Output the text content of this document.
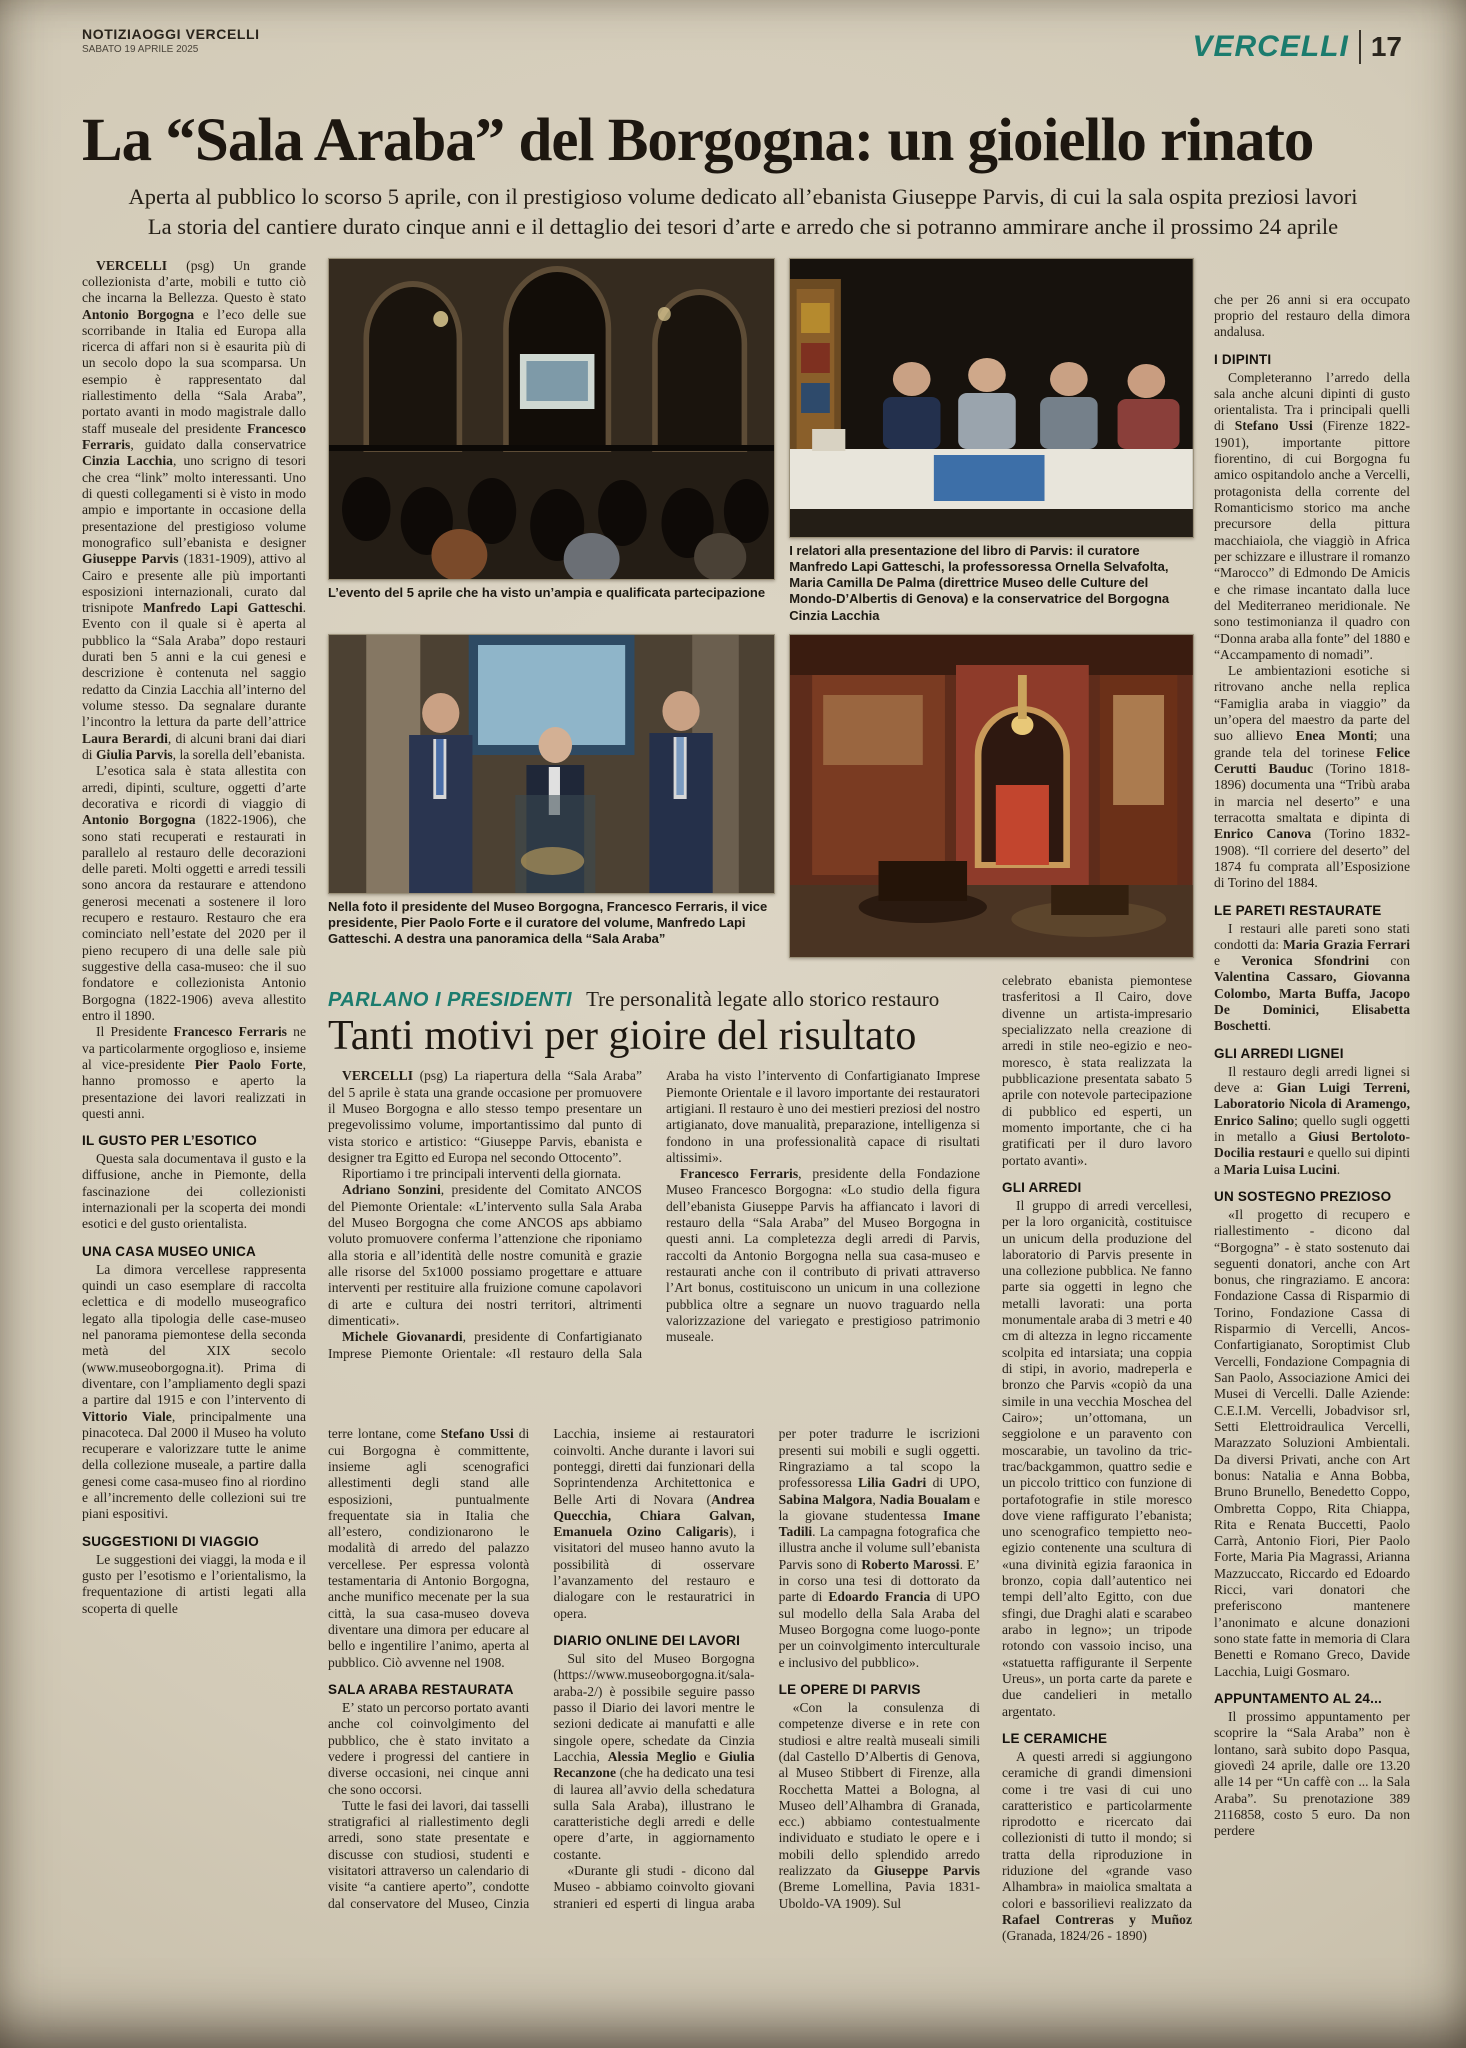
NOTIZIAOGGI VERCELLI
SABATO 19 APRILE 2025	VERCELLI 17
La “Sala Araba” del Borgogna: un gioiello rinato
Aperta al pubblico lo scorso 5 aprile, con il prestigioso volume dedicato all’ebanista Giuseppe Parvis, di cui la sala ospita preziosi lavori
La storia del cantiere durato cinque anni e il dettaglio dei tesori d’arte e arredo che si potranno ammirare anche il prossimo 24 aprile

VERCELLI (psg) Un grande collezionista d’arte, mobili e tutto ciò che incarna la Bellezza. Questo è stato Antonio Borgogna e l’eco delle sue scorribande in Italia ed Europa alla ricerca di affari non si è esaurita più di un secolo dopo la sua scomparsa. Un esempio è rappresentato dal riallestimento della “Sala Araba”, portato avanti in modo magistrale dallo staff museale del presidente Francesco Ferraris, guidato dalla conservatrice Cinzia Lacchia, uno scrigno di tesori che crea “link” molto interessanti. Uno di questi collegamenti si è visto in modo ampio e importante in occasione della presentazione del prestigioso volume monografico sull’ebanista e designer Giuseppe Parvis (1831-1909), attivo al Cairo e presente alle più importanti esposizioni internazionali, curato dal trisnipote Manfredo Lapi Gatteschi. Evento con il quale si è aperta al pubblico la “Sala Araba” dopo restauri durati ben 5 anni e la cui genesi e descrizione è contenuta nel saggio redatto da Cinzia Lacchia all’interno del volume stesso. Da segnalare durante l’incontro la lettura da parte dell’attrice Laura Berardi, di alcuni brani dai diari di Giulia Parvis, la sorella dell’ebanista.

L’esotica sala è stata allestita con arredi, dipinti, sculture, oggetti d’arte decorativa e ricordi di viaggio di Antonio Borgogna (1822-1906), che sono stati recuperati e restaurati in parallelo al restauro delle decorazioni delle pareti. Molti oggetti e arredi tessili sono ancora da restaurare e attendono generosi mecenati a sostenere il loro recupero e restauro. Restauro che era cominciato nell’estate del 2020 per il pieno recupero di una delle sale più suggestive della casa-museo: che il suo fondatore e collezionista Antonio Borgogna (1822-1906) aveva allestito entro il 1890.

Il Presidente Francesco Ferraris ne va particolarmente orgoglioso e, insieme al vice-presidente Pier Paolo Forte, hanno promosso e aperto la presentazione dei lavori realizzati in questi anni.

IL GUSTO PER L’ESOTICO

Questa sala documentava il gusto e la diffusione, anche in Piemonte, della fascinazione dei collezionisti internazionali per la scoperta dei mondi esotici e del gusto orientalista.

UNA CASA MUSEO UNICA

La dimora vercellese rappresenta quindi un caso esemplare di raccolta eclettica e di modello museografico legato alla tipologia delle case-museo nel panorama piemontese della seconda metà del XIX secolo (www.museoborgogna.it). Prima di diventare, con l’ampliamento degli spazi a partire dal 1915 e con l’intervento di Vittorio Viale, principalmente una pinacoteca. Dal 2000 il Museo ha voluto recuperare e valorizzare tutte le anime della collezione museale, a partire dalla genesi come casa-museo fino al riordino e all’incremento delle collezioni sui tre piani espositivi.

SUGGESTIONI DI VIAGGIO

Le suggestioni dei viaggi, la moda e il gusto per l’esotismo e l’orientalismo, la frequentazione di artisti legati alla scoperta di quelle

L’evento del 5 aprile che ha visto un’ampia e qualificata partecipazione
I relatori alla presentazione del libro di Parvis: il curatore Manfredo Lapi Gatteschi, la professoressa Ornella Selvafolta, Maria Camilla De Palma (direttrice Museo delle Culture del Mondo-D’Albertis di Genova) e la conservatrice del Borgogna Cinzia Lacchia
Nella foto il presidente del Museo Borgogna, Francesco Ferraris, il vice presidente, Pier Paolo Forte e il curatore del volume, Manfredo Lapi Gatteschi. A destra una panoramica della “Sala Araba”
PARLANO I PRESIDENTI Tre personalità legate allo storico restauro
Tanti motivi per gioire del risultato

VERCELLI (psg) La riapertura della “Sala Araba” del 5 aprile è stata una grande occasione per promuovere il Museo Borgogna e allo stesso tempo presentare un pregevolissimo volume, importantissimo dal punto di vista storico e artistico: “Giuseppe Parvis, ebanista e designer tra Egitto ed Europa nel secondo Ottocento”.

Riportiamo i tre principali interventi della giornata.

Adriano Sonzini, presidente del Comitato ANCOS del Piemonte Orientale: «L’intervento sulla Sala Araba del Museo Borgogna che come ANCOS aps abbiamo voluto promuovere conferma l’attenzione che riponiamo alla storia e all’identità delle nostre comunità e grazie alle risorse del 5x1000 possiamo progettare e attuare interventi per restituire alla fruizione comune capolavori di arte e cultura dei nostri territori, altrimenti dimenticati».

Michele Giovanardi, presidente di Confartigianato Imprese Piemonte Orientale: «Il restauro della Sala Araba ha visto l’intervento di Confartigianato Imprese Piemonte Orientale e il lavoro importante dei restauratori artigiani. Il restauro è uno dei mestieri preziosi del nostro artigianato, dove manualità, preparazione, intelligenza si fondono in una professionalità capace di risultati altissimi».

Francesco Ferraris, presidente della Fondazione Museo Francesco Borgogna: «Lo studio della figura dell’ebanista Giuseppe Parvis ha affiancato i lavori di restauro della “Sala Araba” del Museo Borgogna in questi anni. La completezza degli arredi di Parvis, raccolti da Antonio Borgogna nella sua casa-museo e restaurati anche con il contributo di privati attraverso l’Art bonus, costituiscono un unicum in una collezione pubblica oltre a segnare un nuovo traguardo nella valorizzazione del variegato e prestigioso patrimonio museale.

terre lontane, come Stefano Ussi di cui Borgogna è committente, insieme agli scenografici allestimenti degli stand alle esposizioni, puntualmente frequentate sia in Italia che all’estero, condizionarono le modalità di arredo del palazzo vercellese. Per espressa volontà testamentaria di Antonio Borgogna, anche munifico mecenate per la sua città, la sua casa-museo doveva diventare una dimora per educare al bello e ingentilire l’animo, aperta al pubblico. Ciò avvenne nel 1908.

SALA ARABA RESTAURATA

E’ stato un percorso portato avanti anche col coinvolgimento del pubblico, che è stato invitato a vedere i progressi del cantiere in diverse occasioni, nei cinque anni che sono occorsi.

Tutte le fasi dei lavori, dai tasselli stratigrafici al riallestimento degli arredi, sono state presentate e discusse con studiosi, studenti e visitatori attraverso un calendario di visite “a cantiere aperto”, condotte dal conservatore del Museo, Cinzia Lacchia, insieme ai restauratori coinvolti. Anche durante i lavori sui ponteggi, diretti dai funzionari della Soprintendenza Architettonica e Belle Arti di Novara (Andrea Quecchia, Chiara Galvan, Emanuela Ozino Caligaris), i visitatori del museo hanno avuto la possibilità di osservare l’avanzamento del restauro e dialogare con le restauratrici in opera.

DIARIO ONLINE DEI LAVORI

Sul sito del Museo Borgogna (https://www.museoborgogna.it/sala-araba-2/) è possibile seguire passo passo il Diario dei lavori mentre le sezioni dedicate ai manufatti e alle singole opere, schedate da Cinzia Lacchia, Alessia Meglio e Giulia Recanzone (che ha dedicato una tesi di laurea all’avvio della schedatura sulla Sala Araba), illustrano le caratteristiche degli arredi e delle opere d’arte, in aggiornamento costante.

«Durante gli studi - dicono dal Museo - abbiamo coinvolto giovani stranieri ed esperti di lingua araba per poter tradurre le iscrizioni presenti sui mobili e sugli oggetti. Ringraziamo a tal scopo la professoressa Lilia Gadri di UPO, Sabina Malgora, Nadia Boualam e la giovane studentessa Imane Tadili. La campagna fotografica che illustra anche il volume sull’ebanista Parvis sono di Roberto Marossi. E’ in corso una tesi di dottorato da parte di Edoardo Francia di UPO sul modello della Sala Araba del Museo Borgogna come luogo-ponte per un coinvolgimento interculturale e inclusivo del pubblico».

LE OPERE DI PARVIS

«Con la consulenza di competenze diverse e in rete con studiosi e altre realtà museali simili (dal Castello D’Albertis di Genova, al Museo Stibbert di Firenze, alla Rocchetta Mattei a Bologna, al Museo dell’Alhambra di Granada, ecc.) abbiamo contestualmente individuato e studiato le opere e i mobili dello splendido arredo realizzato da Giuseppe Parvis (Breme Lomellina, Pavia 1831- Uboldo-VA 1909). Sul

celebrato ebanista piemontese trasferitosi a Il Cairo, dove divenne un artista-impresario specializzato nella creazione di arredi in stile neo-egizio e neo-moresco, è stata realizzata la pubblicazione presentata sabato 5 aprile con notevole partecipazione di pubblico ed esperti, un momento importante, che ci ha gratificati per il duro lavoro portato avanti».

GLI ARREDI

Il gruppo di arredi vercellesi, per la loro organicità, costituisce un unicum della produzione del laboratorio di Parvis presente in una collezione pubblica. Ne fanno parte sia oggetti in legno che metalli lavorati: una porta monumentale araba di 3 metri e 40 cm di altezza in legno riccamente scolpita ed intarsiata; una coppia di stipi, in avorio, madreperla e bronzo che Parvis «copiò da una simile in una vecchia Moschea del Cairo»; un’ottomana, un seggiolone e un paravento con moscarabie, un tavolino da tric-trac/backgammon, quattro sedie e un piccolo trittico con funzione di portafotografie in stile moresco dove viene raffigurato l’ebanista; uno scenografico tempietto neo-egizio contenente una scultura di «una divinità egizia faraonica in bronzo, copia dall’autentico nei tempi dell’alto Egitto, con due sfingi, due Draghi alati e scarabeo arabo in legno»; un tripode rotondo con vassoio inciso, una «statuetta raffigurante il Serpente Ureus», un porta carte da parete e due candelieri in metallo argentato.

LE CERAMICHE

A questi arredi si aggiungono ceramiche di grandi dimensioni come i tre vasi di cui uno caratteristico e particolarmente riprodotto e ricercato dai collezionisti di tutto il mondo; si tratta della riproduzione in riduzione del «grande vaso Alhambra» in maiolica smaltata a colori e bassorilievi realizzato da Rafael Contreras y Muñoz (Granada, 1824/26 - 1890)

che per 26 anni si era occupato proprio del restauro della dimora andalusa.

I DIPINTI

Completeranno l’arredo della sala anche alcuni dipinti di gusto orientalista. Tra i principali quelli di Stefano Ussi (Firenze 1822-1901), importante pittore fiorentino, di cui Borgogna fu amico ospitandolo anche a Vercelli, protagonista della corrente del Romanticismo storico ma anche precursore della pittura macchiaiola, che viaggiò in Africa per schizzare e illustrare il romanzo “Marocco” di Edmondo De Amicis e che rimase incantato dalla luce del Mediterraneo meridionale. Ne sono testimonianza il quadro con “Donna araba alla fonte” del 1880 e “Accampamento di nomadi”.

Le ambientazioni esotiche si ritrovano anche nella replica “Famiglia araba in viaggio” da un’opera del maestro da parte del suo allievo Enea Monti; una grande tela del torinese Felice Cerutti Bauduc (Torino 1818-1896) documenta una “Tribù araba in marcia nel deserto” e una terracotta smaltata e dipinta di Enrico Canova (Torino 1832-1908). “Il corriere del deserto” del 1874 fu comprata all’Esposizione di Torino del 1884.

LE PARETI RESTAURATE

I restauri alle pareti sono stati condotti da: Maria Grazia Ferrari e Veronica Sfondrini con Valentina Cassaro, Giovanna Colombo, Marta Buffa, Jacopo De Dominici, Elisabetta Boschetti.

GLI ARREDI LIGNEI

Il restauro degli arredi lignei si deve a: Gian Luigi Terreni, Laboratorio Nicola di Aramengo, Enrico Salino; quello sugli oggetti in metallo a Giusi Bertoloto-Docilia restauri e quello sui dipinti a Maria Luisa Lucini.

UN SOSTEGNO PREZIOSO

«Il progetto di recupero e riallestimento - dicono dal “Borgogna” - è stato sostenuto dai seguenti donatori, anche con Art bonus, che ringraziamo. E ancora: Fondazione Cassa di Risparmio di Torino, Fondazione Cassa di Risparmio di Vercelli, Ancos-Confartigianato, Soroptimist Club Vercelli, Fondazione Compagnia di San Paolo, Associazione Amici dei Musei di Vercelli. Dalle Aziende: C.E.I.M. Vercelli, Jobadvisor srl, Setti Elettroidraulica Vercelli, Marazzato Soluzioni Ambientali. Da diversi Privati, anche con Art bonus: Natalia e Anna Bobba, Bruno Brunello, Benedetto Coppo, Ombretta Coppo, Rita Chiappa, Rita e Renata Buccetti, Paolo Carrà, Antonio Fiori, Pier Paolo Forte, Maria Pia Magrassi, Arianna Mazzuccato, Riccardo ed Edoardo Ricci, vari donatori che preferiscono mantenere l’anonimato e alcune donazioni sono state fatte in memoria di Clara Benetti e Romano Greco, Davide Lacchia, Luigi Gosmaro.

APPUNTAMENTO AL 24...

Il prossimo appuntamento per scoprire la “Sala Araba” non è lontano, sarà subito dopo Pasqua, giovedì 24 aprile, dalle ore 13.20 alle 14 per “Un caffè con ... la Sala Araba”. Su prenotazione 389 2116858, costo 5 euro. Da non perdere
